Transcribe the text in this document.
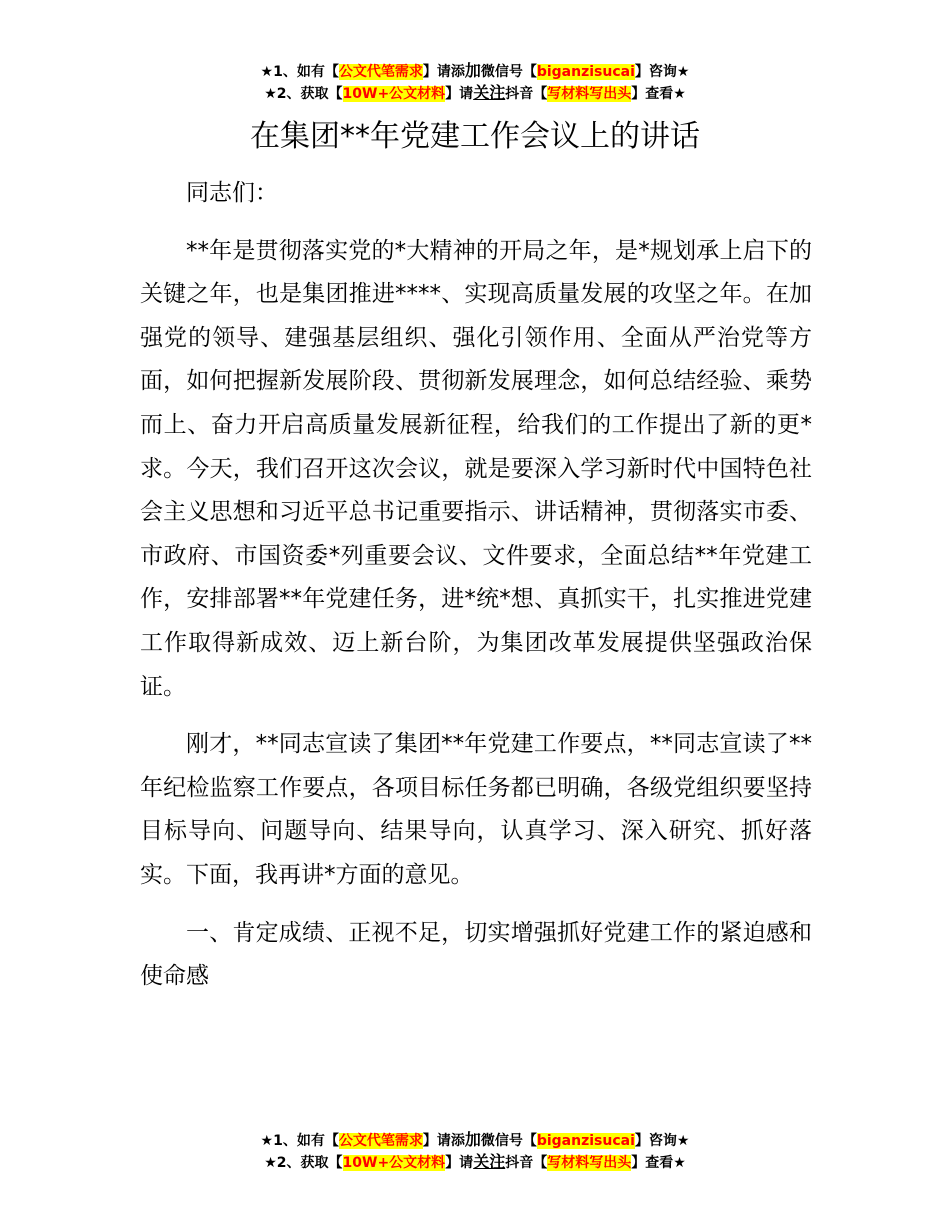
★1、如有【公文代笔需求】请添加微信号【biganzisucai】咨询★
★2、获取【10W+公文材料】请关注抖音【写材料写出头】查看★
在集团**年党建工作会议上的讲话

同志们：

**年是贯彻落实党的*大精神的开局之年，是*规划承上启下的关键之年，也是集团推进****、实现高质量发展的攻坚之年。在加强党的领导、建强基层组织、强化引领作用、全面从严治党等方面，如何把握新发展阶段、贯彻新发展理念，如何总结经验、乘势而上、奋力开启高质量发展新征程，给我们的工作提出了新的更*求。今天，我们召开这次会议，就是要深入学习新时代中国特色社会主义思想和习近平总书记重要指示、讲话精神，贯彻落实市委、市政府、市国资委*列重要会议、文件要求，全面总结**年党建工作，安排部署**年党建任务，进*统*想、真抓实干，扎实推进党建工作取得新成效、迈上新台阶，为集团改革发展提供坚强政治保证。

刚才，**同志宣读了集团**年党建工作要点，**同志宣读了**年纪检监察工作要点，各项目标任务都已明确，各级党组织要坚持目标导向、问题导向、结果导向，认真学习、深入研究、抓好落实。下面，我再讲*方面的意见。

一、肯定成绩、正视不足，切实增强抓好党建工作的紧迫感和使命感

★1、如有【公文代笔需求】请添加微信号【biganzisucai】咨询★
★2、获取【10W+公文材料】请关注抖音【写材料写出头】查看★
